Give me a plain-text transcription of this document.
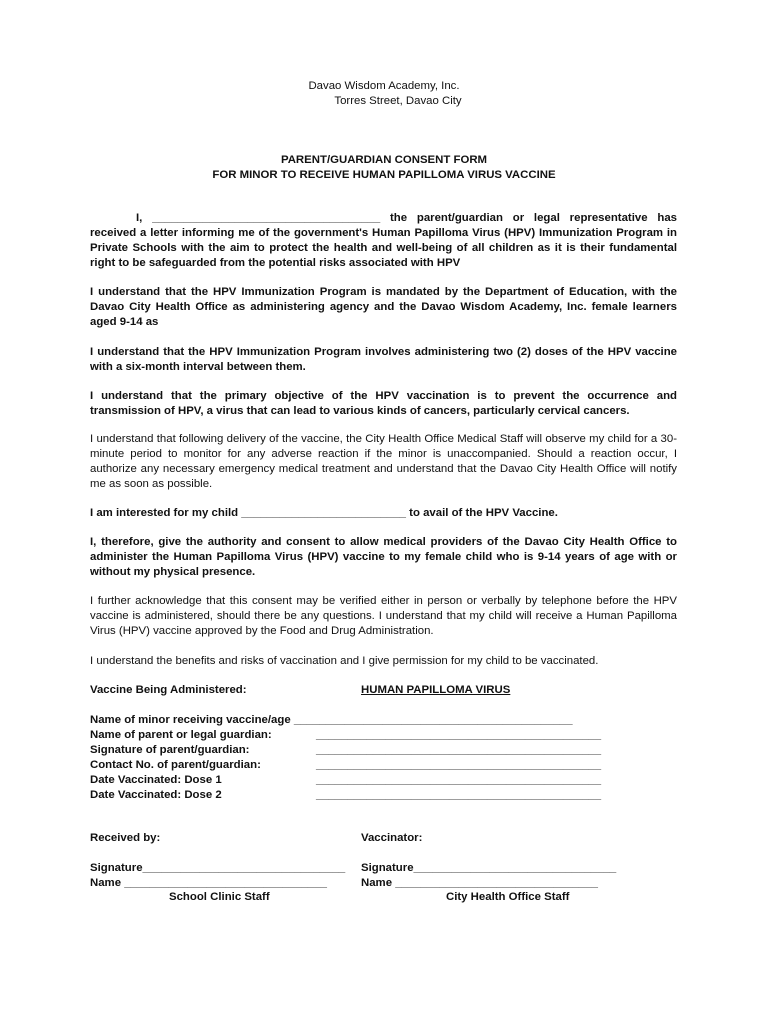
Davao Wisdom Academy, Inc.
Torres Street, Davao City
PARENT/GUARDIAN CONSENT FORM
FOR MINOR TO RECEIVE HUMAN PAPILLOMA VIRUS VACCINE
I, ____________________________________ the parent/guardian or legal representative has received a letter informing me of the government's Human Papilloma Virus (HPV) Immunization Program in Private Schools with the aim to protect the health and well-being of all children as it is their fundamental right to be safeguarded from the potential risks associated with HPV
I understand that the HPV Immunization Program is mandated by the Department of Education, with the Davao City Health Office as administering agency and the Davao Wisdom Academy, Inc. female learners aged 9-14 as
I understand that the HPV Immunization Program involves administering two (2) doses of the HPV vaccine with a six-month interval between them.
I understand that the primary objective of the HPV vaccination is to prevent the occurrence and transmission of HPV, a virus that can lead to various kinds of cancers, particularly cervical cancers.
I understand that following delivery of the vaccine, the City Health Office Medical Staff will observe my child for a 30-minute period to monitor for any adverse reaction if the minor is unaccompanied. Should a reaction occur, I authorize any necessary emergency medical treatment and understand that the Davao City Health Office will notify me as soon as possible.
I am interested for my child __________________________ to avail of the HPV Vaccine.
I, therefore, give the authority and consent to allow medical providers of the Davao City Health Office to administer the Human Papilloma Virus (HPV) vaccine to my female child who is 9-14 years of age with or without my physical presence.
I further acknowledge that this consent may be verified either in person or verbally by telephone before the HPV vaccine is administered, should there be any questions. I understand that my child will receive a Human Papilloma Virus (HPV) vaccine approved by the Food and Drug Administration.
I understand the benefits and risks of vaccination and I give permission for my child to be vaccinated.
Vaccine Being Administered:	HUMAN PAPILLOMA VIRUS
Name of minor receiving vaccine/age ____________________________________________
Name of parent or legal guardian:	_____________________________________________
Signature of parent/guardian:	_____________________________________________
Contact No. of parent/guardian:	_____________________________________________
Date Vaccinated: Dose 1	_____________________________________________
Date Vaccinated: Dose 2	_____________________________________________
Received by:	Vaccinator:
Signature________________________________ Signature________________________________
Name ________________________________	Name ________________________________
School Clinic Staff	City Health Office Staff
